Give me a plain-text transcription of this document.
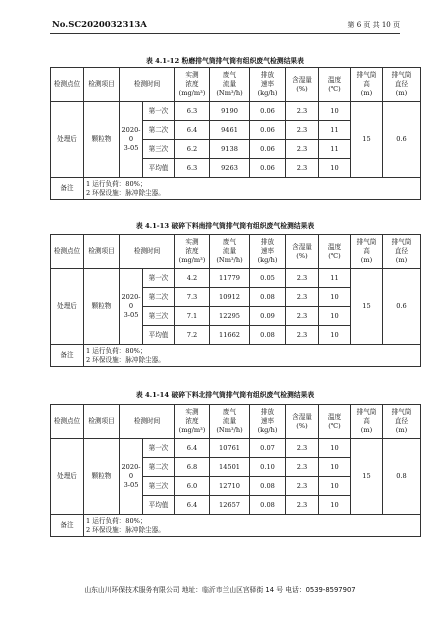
No.SC2020032313A	第 6 页 共 10 页
表 4.1-12 粉磨排气筒排气筒有组织废气检测结果表
检测点位	检测项目	检测时间		实测浓度(mg/m³)	废气流量(Nm³/h)	排放速率(kg/h)	含湿量(%)	温度(℃)	排气筒高(m)	排气筒直径(m)
处理后	颗粒物	2020-03-05	第一次	6.3	9190	0.06	2.3	10	15	0.6
			第二次	6.4	9461	0.06	2.3	11		
			第三次	6.2	9138	0.06	2.3	11		
			平均值	6.3	9263	0.06	2.3	10		
备注	1 运行负荷：80%；2 环保设施：脉冲除尘器。									
表 4.1-13 破碎下料南排气筒排气筒有组织废气检测结果表
检测点位	检测项目	检测时间		实测浓度(mg/m³)	废气流量(Nm³/h)	排放速率(kg/h)	含湿量(%)	温度(℃)	排气筒高(m)	排气筒直径(m)
处理后	颗粒物	2020-03-05	第一次	4.2	11779	0.05	2.3	11	15	0.6
			第二次	7.3	10912	0.08	2.3	10		
			第三次	7.1	12295	0.09	2.3	10		
			平均值	7.2	11662	0.08	2.3	10		
备注	1 运行负荷：80%；2 环保设施：脉冲除尘器。									
表 4.1-14 破碎下料北排气筒排气筒有组织废气检测结果表
检测点位	检测项目	检测时间		实测浓度(mg/m³)	废气流量(Nm³/h)	排放速率(kg/h)	含湿量(%)	温度(℃)	排气筒高(m)	排气筒直径(m)
处理后	颗粒物	2020-03-05	第一次	6.4	10761	0.07	2.3	10	15	0.8
			第二次	6.8	14501	0.10	2.3	10		
			第三次	6.0	12710	0.08	2.3	10		
			平均值	6.4	12657	0.08	2.3	10		
备注	1 运行负荷：80%；2 环保设施：脉冲除尘器。									
山东山川环保技术服务有限公司 地址：临沂市兰山区宫驿街 14 号 电话：0539-8597907
